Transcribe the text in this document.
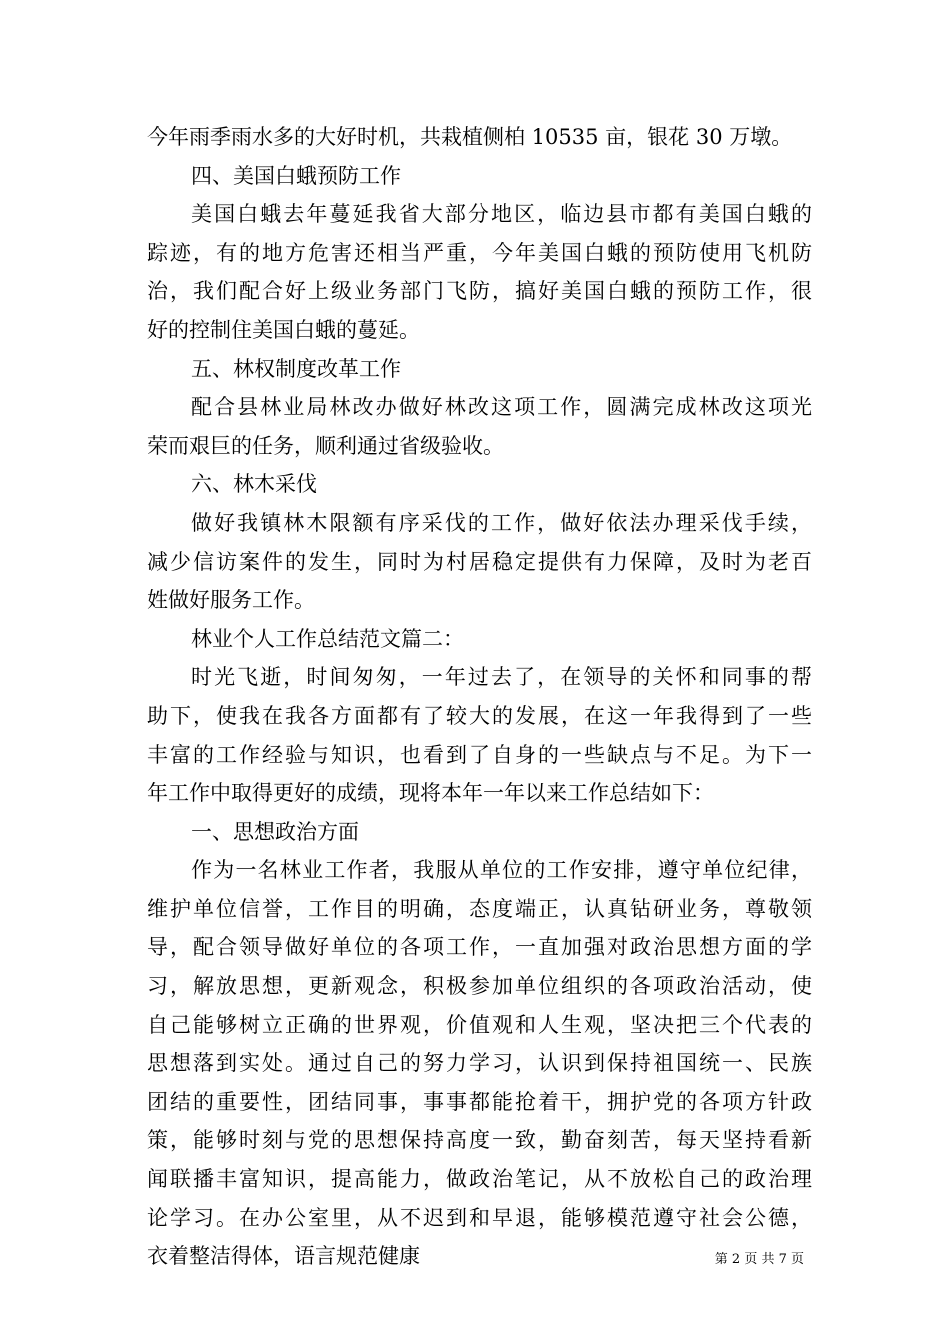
今年雨季雨水多的大好时机，共栽植侧柏 10535 亩，银花 30 万墩。
四、美国白蛾预防工作
美国白蛾去年蔓延我省大部分地区，临边县市都有美国白蛾的
踪迹，有的地方危害还相当严重，今年美国白蛾的预防使用飞机防
治，我们配合好上级业务部门飞防，搞好美国白蛾的预防工作，很
好的控制住美国白蛾的蔓延。
五、林权制度改革工作
配合县林业局林改办做好林改这项工作，圆满完成林改这项光
荣而艰巨的任务，顺利通过省级验收。
六、林木采伐
做好我镇林木限额有序采伐的工作，做好依法办理采伐手续，
减少信访案件的发生，同时为村居稳定提供有力保障，及时为老百
姓做好服务工作。
林业个人工作总结范文篇二：
时光飞逝，时间匆匆，一年过去了，在领导的关怀和同事的帮
助下，使我在我各方面都有了较大的发展，在这一年我得到了一些
丰富的工作经验与知识，也看到了自身的一些缺点与不足。为下一
年工作中取得更好的成绩，现将本年一年以来工作总结如下：
一、思想政治方面
作为一名林业工作者，我服从单位的工作安排，遵守单位纪律，
维护单位信誉，工作目的明确，态度端正，认真钻研业务，尊敬领
导，配合领导做好单位的各项工作，一直加强对政治思想方面的学
习，解放思想，更新观念，积极参加单位组织的各项政治活动，使
自己能够树立正确的世界观，价值观和人生观，坚决把三个代表的
思想落到实处。通过自己的努力学习，认识到保持祖国统一、民族
团结的重要性，团结同事，事事都能抢着干，拥护党的各项方针政
策，能够时刻与党的思想保持高度一致，勤奋刻苦，每天坚持看新
闻联播丰富知识，提高能力，做政治笔记，从不放松自己的政治理
论学习。在办公室里，从不迟到和早退，能够模范遵守社会公德，
衣着整洁得体，语言规范健康	第 2 页 共 7 页
